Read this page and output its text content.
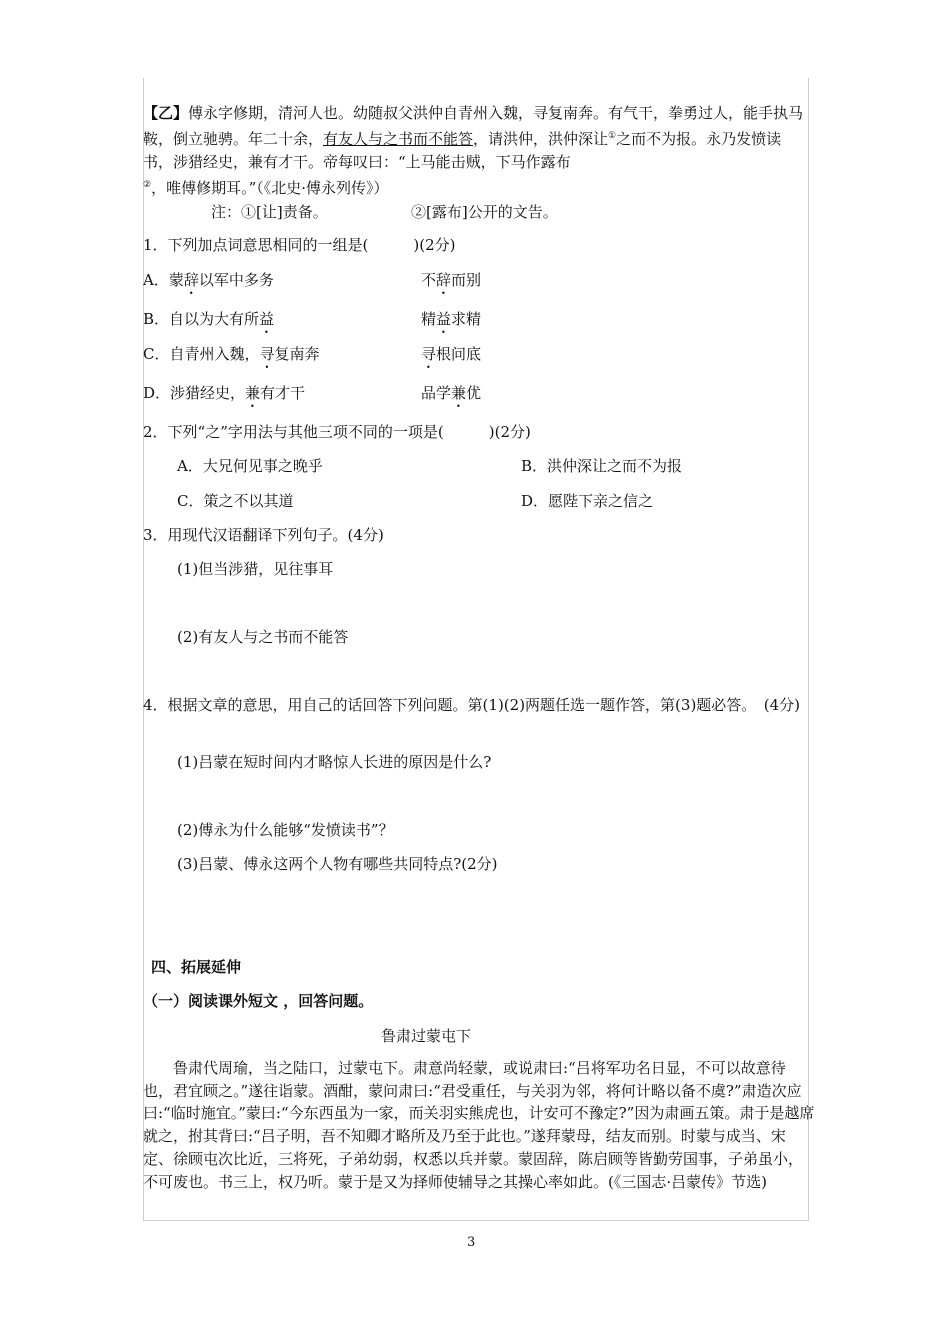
【乙】傅永字修期，清河人也。幼随叔父洪仲自青州入魏，寻复南奔。有气干，拳勇过人，能手执马鞍，倒立驰骋。年二十余，有友人与之书而不能答，请洪仲，洪仲深让①之而不为报。永乃发愤读书，涉猎经史，兼有才干。帝每叹曰：“上马能击贼，下马作露布②，唯傅修期耳。”（《北史·傅永列传》）
注：①[让]责备。	②[露布]公开的文告。
1．下列加点词意思相同的一组是(　　　)(2分)
A．蒙辞以军中多务	不辞而别
B．自以为大有所益	精益求精
C．自青州入魏，寻复南奔	寻根问底
D．涉猎经史，兼有才干	品学兼优
2．下列“之”字用法与其他三项不同的一项是(　　　)(2分)
A．大兄何见事之晚乎	B．洪仲深让之而不为报
C．策之不以其道	D．愿陛下亲之信之
3．用现代汉语翻译下列句子。(4分)
(1)但当涉猎，见往事耳
(2)有友人与之书而不能答
4．根据文章的意思，用自己的话回答下列问题。第(1)(2)两题任选一题作答，第(3)题必答。　(4分)
(1)吕蒙在短时间内才略惊人长进的原因是什么?
(2)傅永为什么能够“发愤读书”？
(3)吕蒙、傅永这两个人物有哪些共同特点?(2分)
四、拓展延伸
（一）阅读课外短文 ，回答问题。
鲁肃过蒙屯下
鲁肃代周瑜，当之陆口，过蒙屯下。肃意尚轻蒙，或说肃曰:“吕将军功名日显，不可以故意待也，君宜顾之。”遂往诣蒙。酒酣，蒙问肃曰:“君受重任，与关羽为邻，将何计略以备不虞?”肃造次应曰:“临时施宜。”蒙曰:“今东西虽为一家，而关羽实熊虎也，计安可不豫定?”因为肃画五策。肃于是越席就之，拊其背曰:“吕子明，吾不知卿才略所及乃至于此也。”遂拜蒙母，结友而别。时蒙与成当、宋定、徐顾屯次比近，三将死，子弟幼弱，权悉以兵并蒙。蒙固辞，陈启顾等皆勤劳国事，子弟虽小，不可废也。书三上，权乃听。蒙于是又为择师使辅导之其操心率如此。(《三国志·吕蒙传》节选)
3
